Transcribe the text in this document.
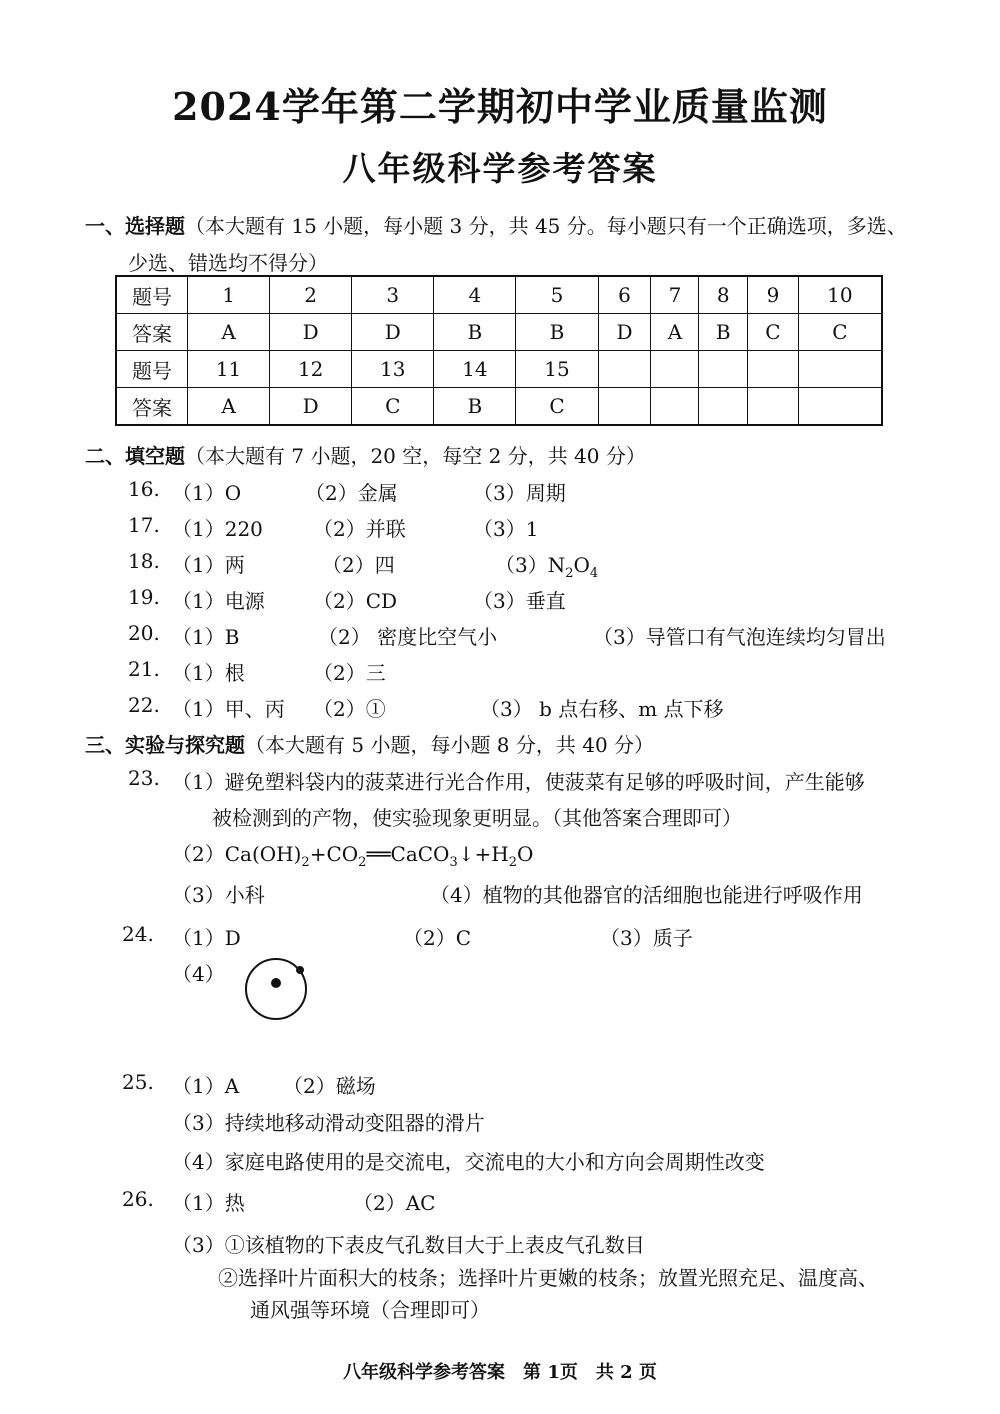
2024学年第二学期初中学业质量监测
八年级科学参考答案
一、选择题（本大题有 15 小题，每小题 3 分，共 45 分。每小题只有一个正确选项，多选、
少选、错选均不得分）
题号	1	2	3	4	5	6	7	8	9	10
答案	A	D	D	B	B	D	A	B	C	C
题号	11	12	13	14	15					
答案	A	D	C	B	C					
二、填空题（本大题有 7 小题，20 空，每空 2 分，共 40 分）
16. （1）O	（2）金属	（3）周期
17. （1）220	（2）并联	（3）1
18. （1）两	（2）四	$(3)N_2O_4$
19. （1）电源 （2）CD	（3）垂直
20. （1）B	（2） 密度比空气小	（3）导管口有气泡连续均匀冒出
21. （1）根	（2）三
22. （1）甲、丙 （2）①	（3） b 点右移、m 点下移
三、实验与探究题（本大题有 5 小题，每小题 8 分，共 40 分）
23. （1）避免塑料袋内的菠菜进行光合作用，使菠菜有足够的呼吸时间，产生能够
被检测到的产物，使实验现象更明显。（其他答案合理即可）
$(2)Ca(OH)_2+CO_2══CaCO_3↓+H_2O$
（3）小科	（4）植物的其他器官的活细胞也能进行呼吸作用
24. （1）D	（2）C	（3）质子
（4）
25. （1）A （2）磁场
（3）持续地移动滑动变阻器的滑片
（4）家庭电路使用的是交流电，交流电的大小和方向会周期性改变
26. （1）热	（2）AC
（3）①该植物的下表皮气孔数目大于上表皮气孔数目
②选择叶片面积大的枝条；选择叶片更嫩的枝条；放置光照充足、温度高、
通风强等环境（合理即可）
八年级科学参考答案　第 1页　共 2 页
